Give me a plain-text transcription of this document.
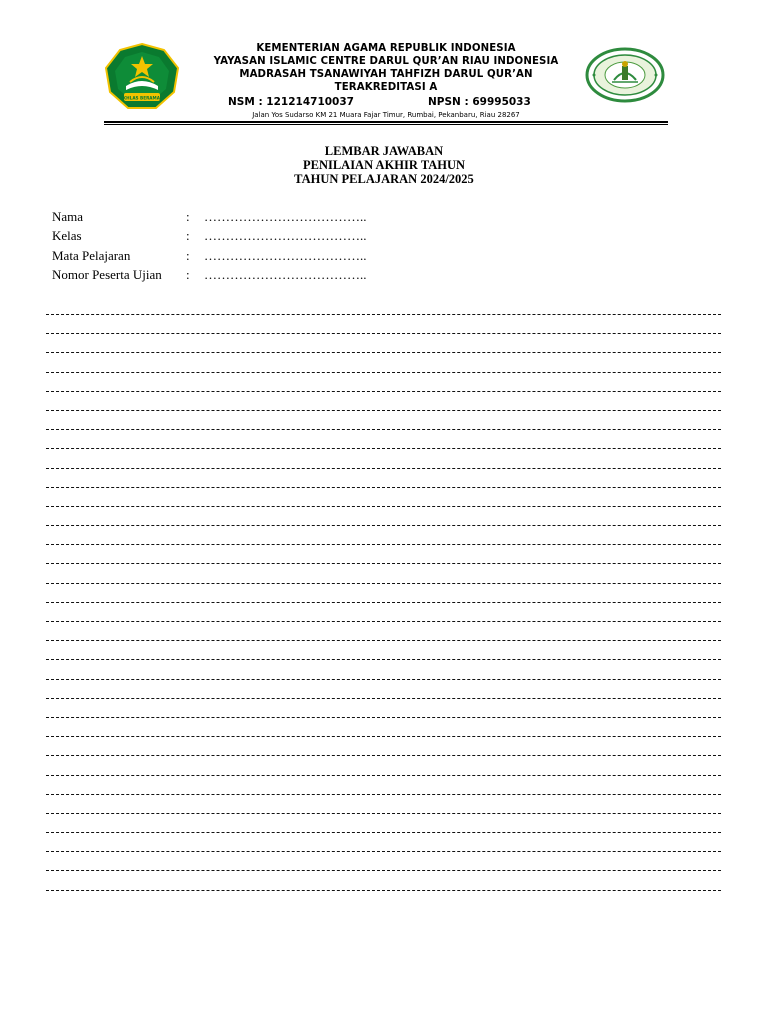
IKHLAS BERAMAL
KEMENTERIAN AGAMA REPUBLIK INDONESIA
YAYASAN ISLAMIC CENTRE DARUL QUR’AN RIAU INDONESIA
MADRASAH TSANAWIYAH TAHFIZH DARUL QUR’AN
TERAKREDITASI A
NSM : 121214710037	NPSN : 69995033
Jalan Yos Sudarso KM 21 Muara Fajar Timur, Rumbai, Pekanbaru, Riau 28267
LEMBAR JAWABAN
PENILAIAN AKHIR TAHUN
TAHUN PELAJARAN 2024/2025
Nama	: ………………………………..
Kelas	: ………………………………..
Mata Pelajaran	: ………………………………..
Nomor Peserta Ujian : ………………………………..
